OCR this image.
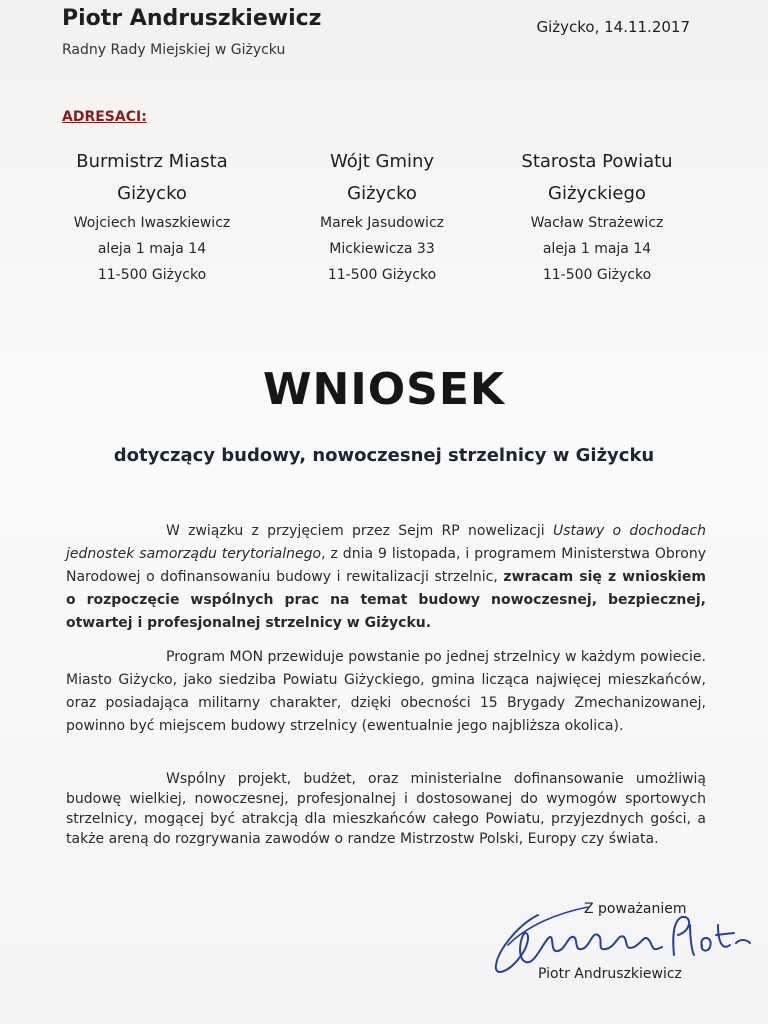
Piotr Andruszkiewicz
Radny Rady Miejskiej w Giżycku
Giżycko, 14.11.2017
ADRESACI:
Burmistrz Miasta
Giżycko
Wojciech Iwaszkiewicz
aleja 1 maja 14
11-500 Giżycko
Wójt Gminy
Giżycko
Marek Jasudowicz
Mickiewicza 33
11-500 Giżycko
Starosta Powiatu
Giżyckiego
Wacław Strażewicz
aleja 1 maja 14
11-500 Giżycko
WNIOSEK
dotyczący budowy, nowoczesnej strzelnicy w Giżycku

W związku z przyjęciem przez Sejm RP nowelizacji Ustawy o dochodach jednostek samorządu terytorialnego, z dnia 9 listopada, i programem Ministerstwa Obrony Narodowej o dofinansowaniu budowy i rewitalizacji strzelnic, zwracam się z wnioskiem o rozpoczęcie wspólnych prac na temat budowy nowoczesnej, bezpiecznej, otwartej i profesjonalnej strzelnicy w Giżycku.

Program MON przewiduje powstanie po jednej strzelnicy w każdym powiecie. Miasto Giżycko, jako siedziba Powiatu Giżyckiego, gmina licząca najwięcej mieszkańców, oraz posiadająca militarny charakter, dzięki obecności 15 Brygady Zmechanizowanej, powinno być miejscem budowy strzelnicy (ewentualnie jego najbliższa okolica).

Wspólny projekt, budżet, oraz ministerialne dofinansowanie umożliwią budowę wielkiej, nowoczesnej, profesjonalnej i dostosowanej do wymogów sportowych strzelnicy, mogącej być atrakcją dla mieszkańców całego Powiatu, przyjezdnych gości, a także areną do rozgrywania zawodów o randze Mistrzostw Polski, Europy czy świata.

Z poważaniem
Piotr Andruszkiewicz
